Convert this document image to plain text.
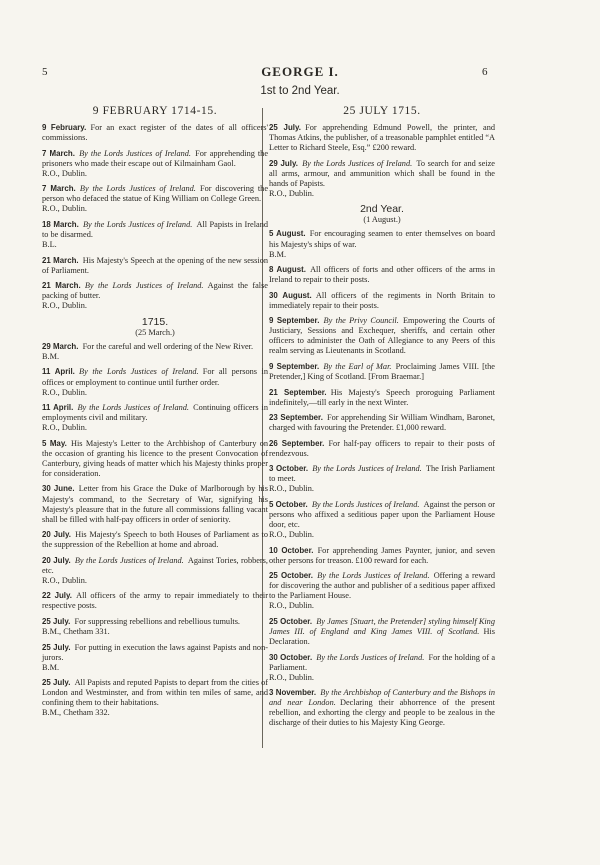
5	GEORGE I.	6
1st to 2nd Year.
9 FEBRUARY 1714-15.

9 February.  For an exact register of the dates of all officers' commissions.

7 March.  By the Lords Justices of Ireland.  For apprehending the prisoners who made their escape out of Kilmainham Gaol.

R.O., Dublin.

7 March.  By the Lords Justices of Ireland.  For discovering the person who defaced the statue of King William on College Green.

R.O., Dublin.

18 March.  By the Lords Justices of Ireland.  All Papists in Ireland to be disarmed.

B.L.

21 March.  His Majesty's Speech at the opening of the new session of Parliament.

21 March.  By the Lords Justices of Ireland.  Against the false packing of butter.

R.O., Dublin.
1715.
(25 March.)

29 March.  For the careful and well ordering of the New River.

B.M.

11 April.  By the Lords Justices of Ireland.  For all persons in offices or employment to continue until further order.

R.O., Dublin.

11 April.  By the Lords Justices of Ireland.  Continuing officers in employments civil and military.

R.O., Dublin.

5 May.  His Majesty's Letter to the Archbishop of Canterbury on the occasion of granting his licence to the present Convocation of Canterbury, giving heads of matter which his Majesty thinks proper for consideration.

30 June.  Letter from his Grace the Duke of Marlborough by his Majesty's command, to the Secretary of War, signifying his Majesty's pleasure that in the future all commissions falling vacant shall be filled with half-pay officers in order of seniority.

20 July.  His Majesty's Speech to both Houses of Parliament as to the suppression of the Rebellion at home and abroad.

20 July.  By the Lords Justices of Ireland.  Against Tories, robbers, etc.

R.O., Dublin.

22 July.  All officers of the army to repair immediately to their respective posts.

25 July.  For suppressing rebellions and rebellious tumults.

B.M., Chetham 331.

25 July.  For putting in execution the laws against Papists and non-jurors.

B.M.

25 July.  All Papists and reputed Papists to depart from the cities of London and Westminster, and from within ten miles of same, and confining them to their habitations.

B.M., Chetham 332.
25 JULY 1715.

25 July.  For apprehending Edmund Powell, the printer, and Thomas Atkins, the publisher, of a treasonable pamphlet entitled “A Letter to Richard Steele, Esq.” £200 reward.

29 July.  By the Lords Justices of Ireland.  To search for and seize all arms, armour, and ammunition which shall be found in the hands of Papists.

R.O., Dublin.
2nd Year.
(1 August.)

5 August.  For encouraging seamen to enter themselves on board his Majesty's ships of war.

B.M.

8 August.  All officers of forts and other officers of the arms in Ireland to repair to their posts.

30 August.  All officers of the regiments in North Britain to immediately repair to their posts.

9 September.  By the Privy Council.  Empowering the Courts of Justiciary, Sessions and Exchequer, sheriffs, and certain other officers to administer the Oath of Allegiance to any Peers of this realm serving as Lieutenants in Scotland.

9 September.  By the Earl of Mar.  Proclaiming James VIII. [the Pretender,] King of Scotland. [From Braemar.]

21 September.  His Majesty's Speech proroguing Parliament indefinitely,—till early in the next Winter.

23 September.  For apprehending Sir William Windham, Baronet, charged with favouring the Pretender. £1,000 reward.

26 September.  For half-pay officers to repair to their posts of rendezvous.

3 October.  By the Lords Justices of Ireland.  The Irish Parliament to meet.

R.O., Dublin.

5 October.  By the Lords Justices of Ireland.  Against the person or persons who affixed a seditious paper upon the Parliament House door, etc.

R.O., Dublin.

10 October.  For apprehending James Paynter, junior, and seven other persons for treason. £100 reward for each.

25 October.  By the Lords Justices of Ireland.  Offering a reward for discovering the author and publisher of a seditious paper affixed to the Parliament House.

R.O., Dublin.

25 October.  By James [Stuart, the Pretender] styling himself King James III. of England and King James VIII. of Scotland.  His Declaration.

30 October.  By the Lords Justices of Ireland.  For the holding of a Parliament.

R.O., Dublin.

3 November.  By the Archbishop of Canterbury and the Bishops in and near London.  Declaring their abhorrence of the present rebellion, and exhorting the clergy and people to be zealous in the discharge of their duties to his Majesty King George.
